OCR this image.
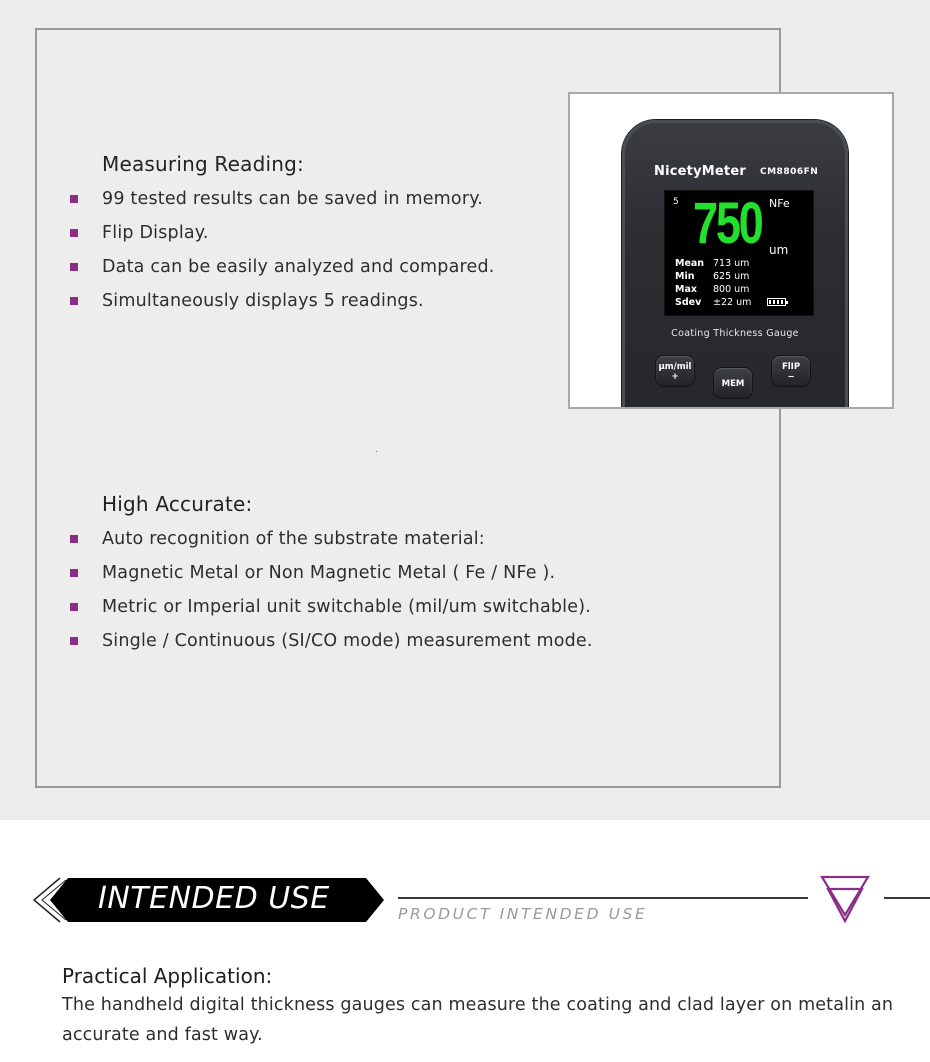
Measuring Reading:
99 tested results can be saved in memory.
Flip Display.
Data can be easily analyzed and compared.
Simultaneously displays 5 readings.
High Accurate:
Auto recognition of the substrate material:
Magnetic Metal or Non Magnetic Metal ( Fe / NFe ).
Metric or Imperial unit switchable (mil/um switchable).
Single / Continuous (SI/CO mode) measurement mode.
NicetyMeter CM8806FN
5 750 NFe
um
Mean 713 um
Min	625 um
Max	800 um
Sdev	±22 um
Coating Thickness Gauge
µm/mil
+
MEM
FlIP
−
INTENDED USE	PRODUCT INTENDED USE
Practical Application:
The handheld digital thickness gauges can measure the coating and clad layer on metalin an accurate and fast way.
